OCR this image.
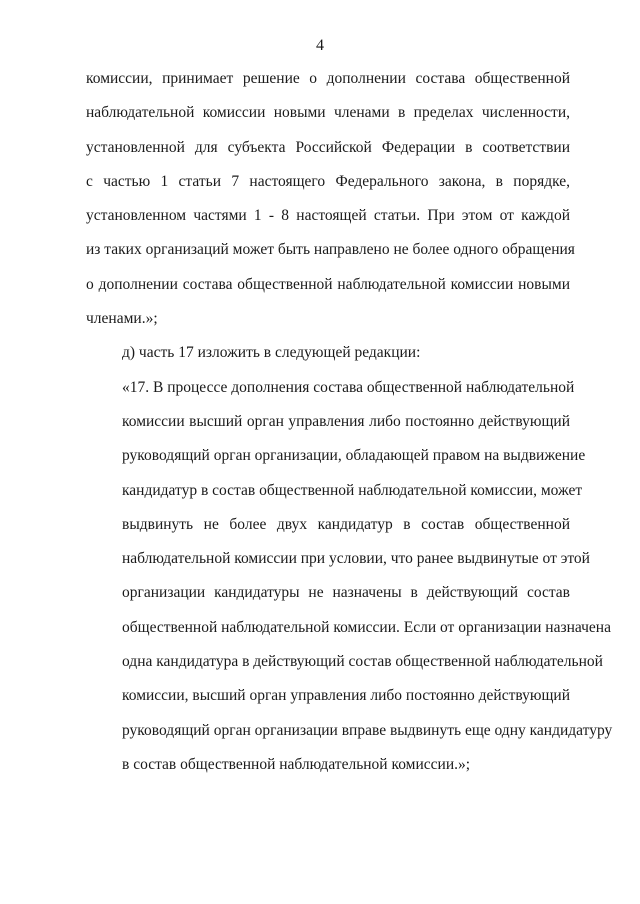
4
комиссии, принимает решение о дополнении состава общественной
наблюдательной комиссии новыми членами в пределах численности,
установленной для субъекта Российской Федерации в соответствии
с частью 1 статьи 7 настоящего Федерального закона, в порядке,
установленном частями 1 - 8 настоящей статьи. При этом от каждой
из таких организаций может быть направлено не более одного обращения
о дополнении состава общественной наблюдательной комиссии новыми
членами.»;
д) часть 17 изложить в следующей редакции:
«17. В процессе дополнения состава общественной наблюдательной
комиссии высший орган управления либо постоянно действующий
руководящий орган организации, обладающей правом на выдвижение
кандидатур в состав общественной наблюдательной комиссии, может
выдвинуть не более двух кандидатур в состав общественной
наблюдательной комиссии при условии, что ранее выдвинутые от этой
организации кандидатуры не назначены в действующий состав
общественной наблюдательной комиссии. Если от организации назначена
одна кандидатура в действующий состав общественной наблюдательной
комиссии, высший орган управления либо постоянно действующий
руководящий орган организации вправе выдвинуть еще одну кандидатуру
в состав общественной наблюдательной комиссии.»;
